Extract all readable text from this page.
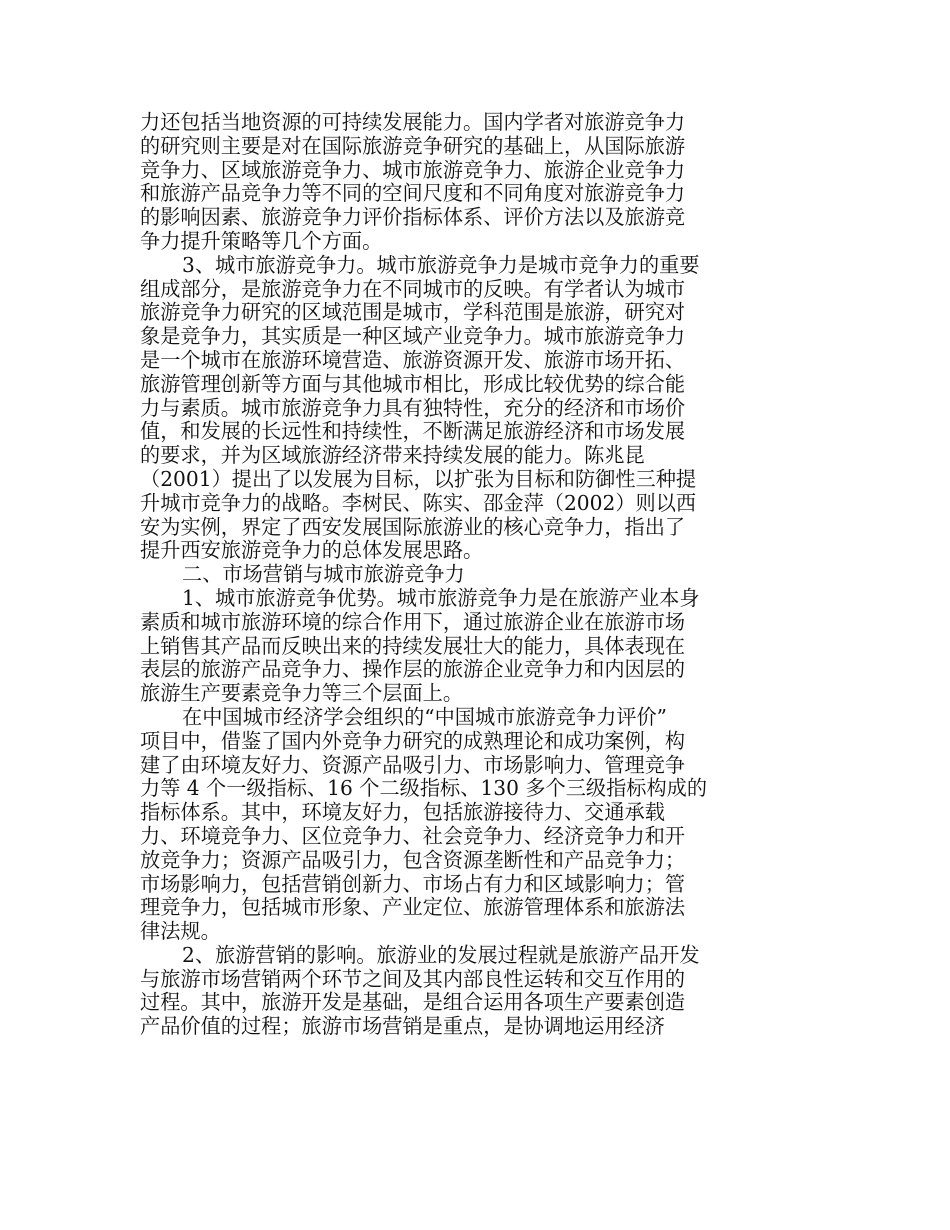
力还包括当地资源的可持续发展能力。国内学者对旅游竞争力
的研究则主要是对在国际旅游竞争研究的基础上，从国际旅游
竞争力、区域旅游竞争力、城市旅游竞争力、旅游企业竞争力
和旅游产品竞争力等不同的空间尺度和不同角度对旅游竞争力
的影响因素、旅游竞争力评价指标体系、评价方法以及旅游竞
争力提升策略等几个方面。
3、城市旅游竞争力。城市旅游竞争力是城市竞争力的重要
组成部分，是旅游竞争力在不同城市的反映。有学者认为城市
旅游竞争力研究的区域范围是城市，学科范围是旅游，研究对
象是竞争力，其实质是一种区域产业竞争力。城市旅游竞争力
是一个城市在旅游环境营造、旅游资源开发、旅游市场开拓、
旅游管理创新等方面与其他城市相比，形成比较优势的综合能
力与素质。城市旅游竞争力具有独特性，充分的经济和市场价
值，和发展的长远性和持续性，不断满足旅游经济和市场发展
的要求，并为区域旅游经济带来持续发展的能力。陈兆昆
（2001）提出了以发展为目标，以扩张为目标和防御性三种提
升城市竞争力的战略。李树民、陈实、邵金萍（2002）则以西
安为实例，界定了西安发展国际旅游业的核心竞争力，指出了
提升西安旅游竞争力的总体发展思路。
二、市场营销与城市旅游竞争力
1、城市旅游竞争优势。城市旅游竞争力是在旅游产业本身
素质和城市旅游环境的综合作用下，通过旅游企业在旅游市场
上销售其产品而反映出来的持续发展壮大的能力，具体表现在
表层的旅游产品竞争力、操作层的旅游企业竞争力和内因层的
旅游生产要素竞争力等三个层面上。
在中国城市经济学会组织的“中国城市旅游竞争力评价”
项目中，借鉴了国内外竞争力研究的成熟理论和成功案例，构
建了由环境友好力、资源产品吸引力、市场影响力、管理竞争
力等 4 个一级指标、16 个二级指标、130 多个三级指标构成的
指标体系。其中，环境友好力，包括旅游接待力、交通承载
力、环境竞争力、区位竞争力、社会竞争力、经济竞争力和开
放竞争力；资源产品吸引力，包含资源垄断性和产品竞争力；
市场影响力，包括营销创新力、市场占有力和区域影响力；管
理竞争力，包括城市形象、产业定位、旅游管理体系和旅游法
律法规。
2、旅游营销的影响。旅游业的发展过程就是旅游产品开发
与旅游市场营销两个环节之间及其内部良性运转和交互作用的
过程。其中，旅游开发是基础，是组合运用各项生产要素创造
产品价值的过程；旅游市场营销是重点，是协调地运用经济
